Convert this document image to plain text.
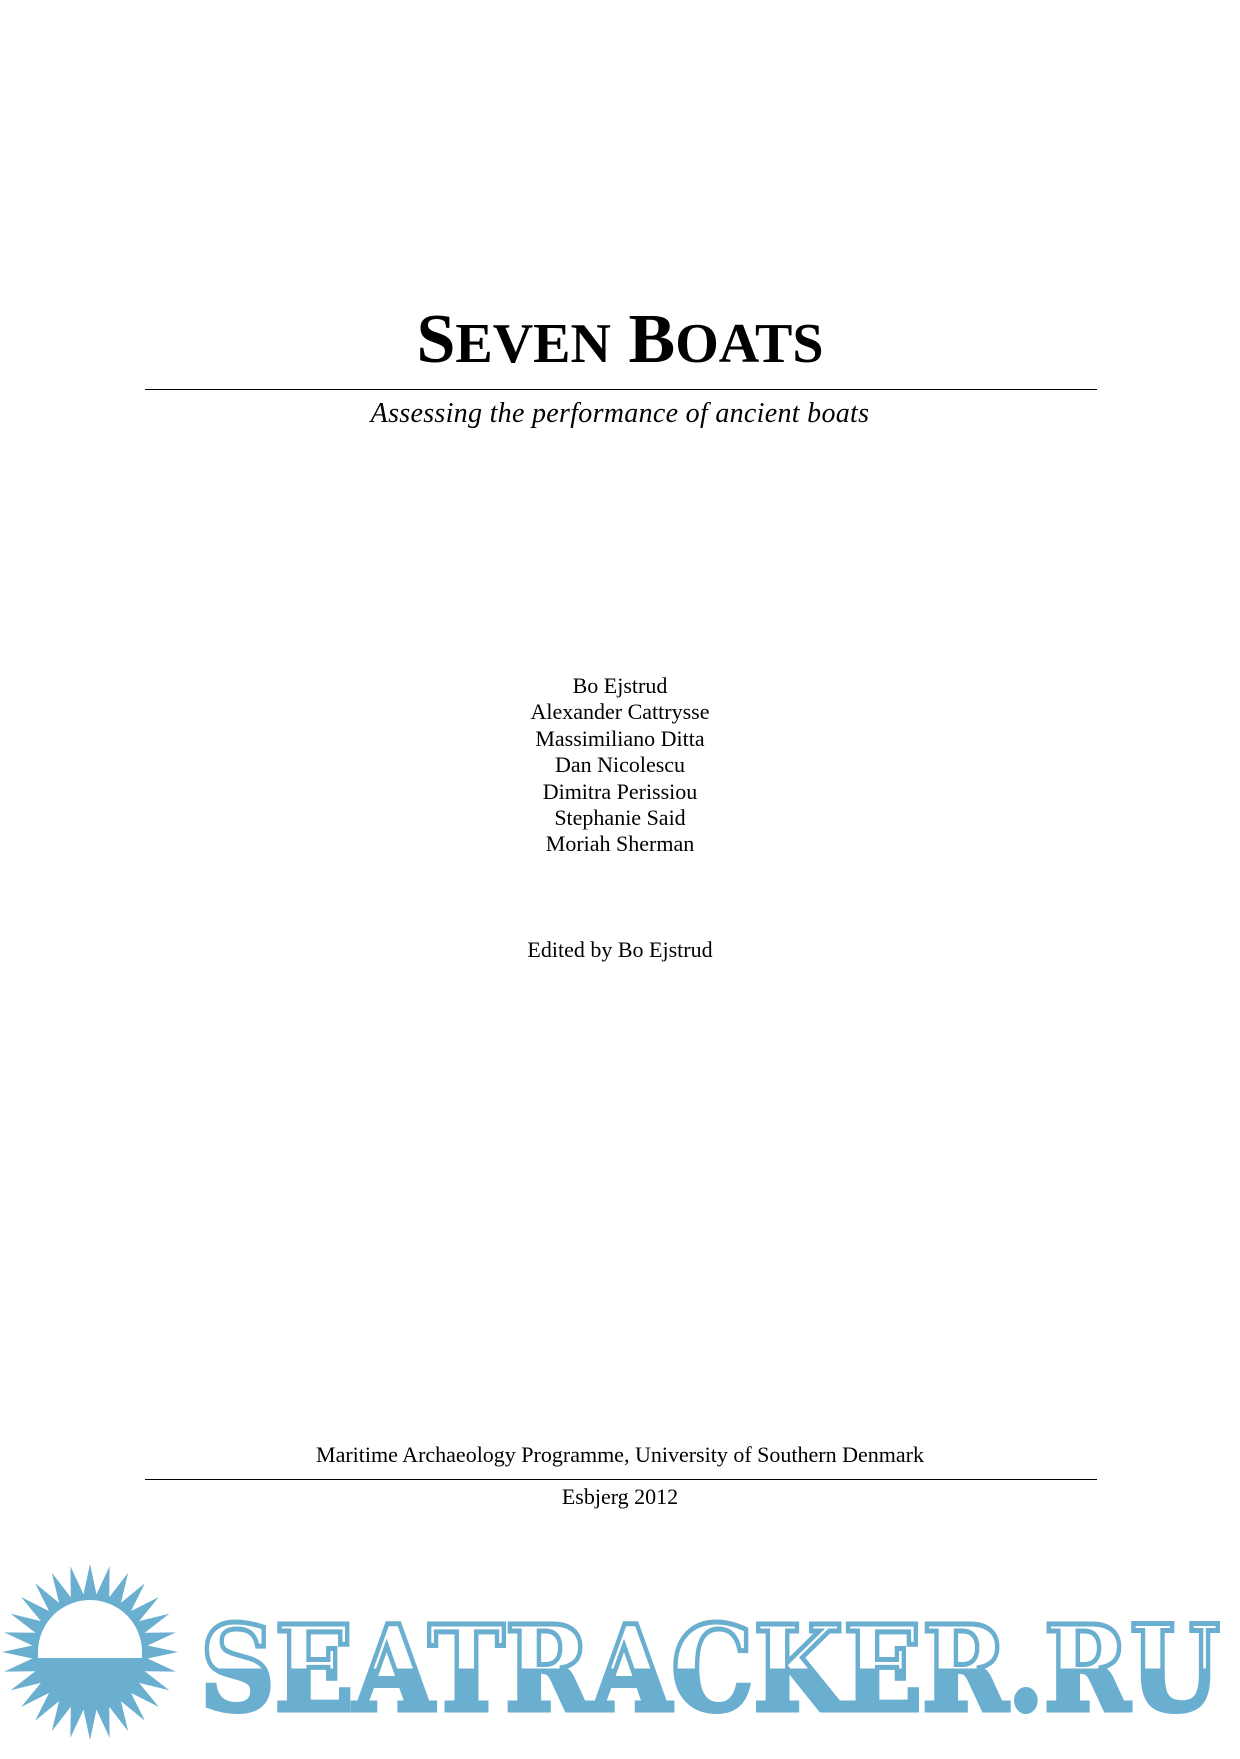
SEVEN BOATS
Assessing the performance of ancient boats
Bo Ejstrud
Alexander Cattrysse
Massimiliano Ditta
Dan Nicolescu
Dimitra Perissiou
Stephanie Said
Moriah Sherman
Edited by Bo Ejstrud
Maritime Archaeology Programme, University of Southern Denmark
Esbjerg 2012
SEATRACKER.RU
